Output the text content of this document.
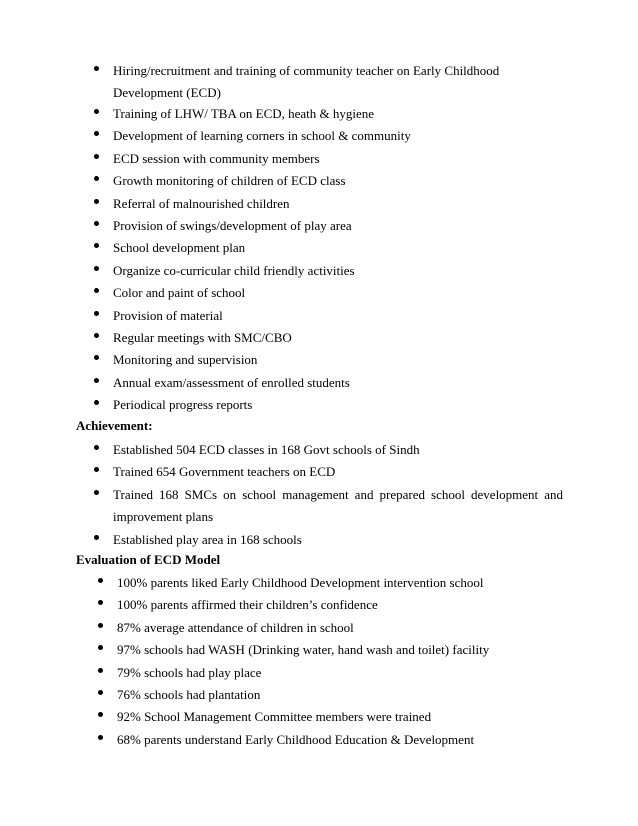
Hiring/recruitment and training of community teacher on Early Childhood Development (ECD)
Training of LHW/ TBA on ECD, heath & hygiene
Development of learning corners in school & community
ECD session with community members
Growth monitoring of children of ECD class
Referral of malnourished children
Provision of swings/development of play area
School development plan
Organize co-curricular child friendly activities
Color and paint of school
Provision of material
Regular meetings with SMC/CBO
Monitoring and supervision
Annual exam/assessment of enrolled students
Periodical progress reports
Achievement:
Established 504 ECD classes in 168 Govt schools of Sindh
Trained 654 Government teachers on ECD
Trained 168 SMCs on school management and prepared school development and improvement plans
Established play area in 168 schools
Evaluation of ECD Model
100% parents liked Early Childhood Development intervention school
100% parents affirmed their children’s confidence
87% average attendance of children in school
97% schools had WASH (Drinking water, hand wash and toilet) facility
79% schools had play place
76% schools had plantation
92% School Management Committee members were trained
68% parents understand Early Childhood Education & Development
